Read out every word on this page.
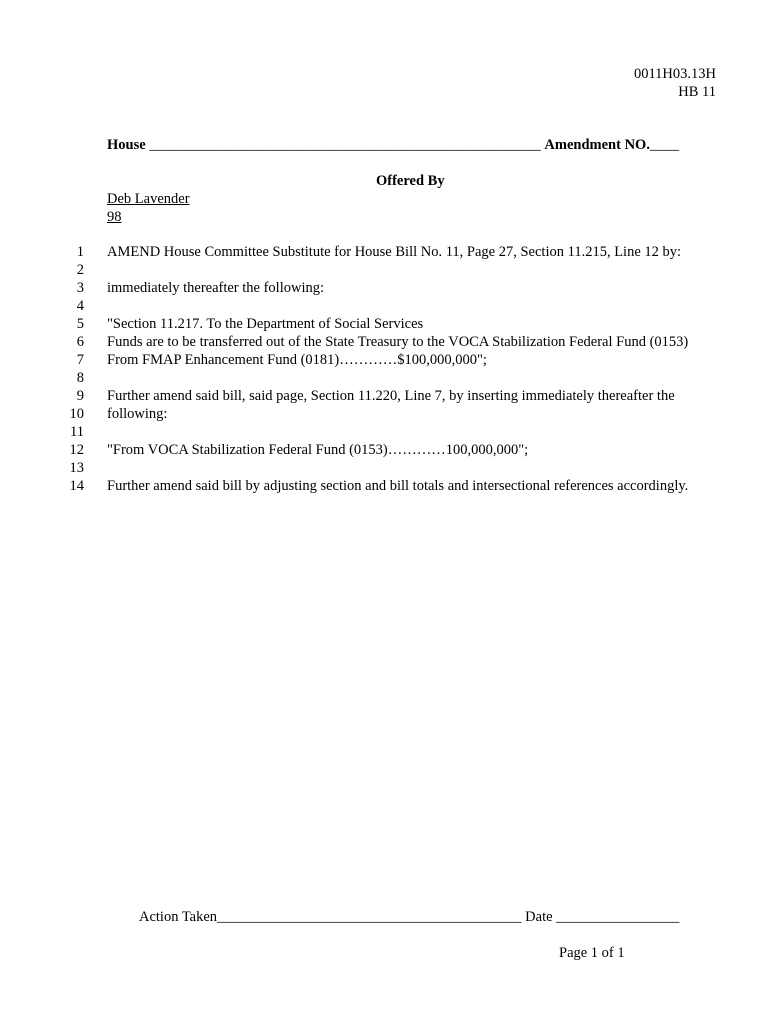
0011H03.13H
HB 11
House ______________________________________________________ Amendment NO.____
Offered By
Deb Lavender
98
1 AMEND House Committee Substitute for House Bill No. 11, Page 27, Section 11.215, Line 12 by:
2
3 immediately thereafter the following:
4
5 "Section 11.217. To the Department of Social Services
6 Funds are to be transferred out of the State Treasury to the VOCA Stabilization Federal Fund (0153)
7 From FMAP Enhancement Fund (0181)…………$100,000,000";
8
9 Further amend said bill, said page, Section 11.220, Line 7, by inserting immediately thereafter the
10 following:
11
12 "From VOCA Stabilization Federal Fund (0153)…………100,000,000";
13
14 Further amend said bill by adjusting section and bill totals and intersectional references accordingly.
Action Taken__________________________________________ Date _________________
Page 1 of 1
